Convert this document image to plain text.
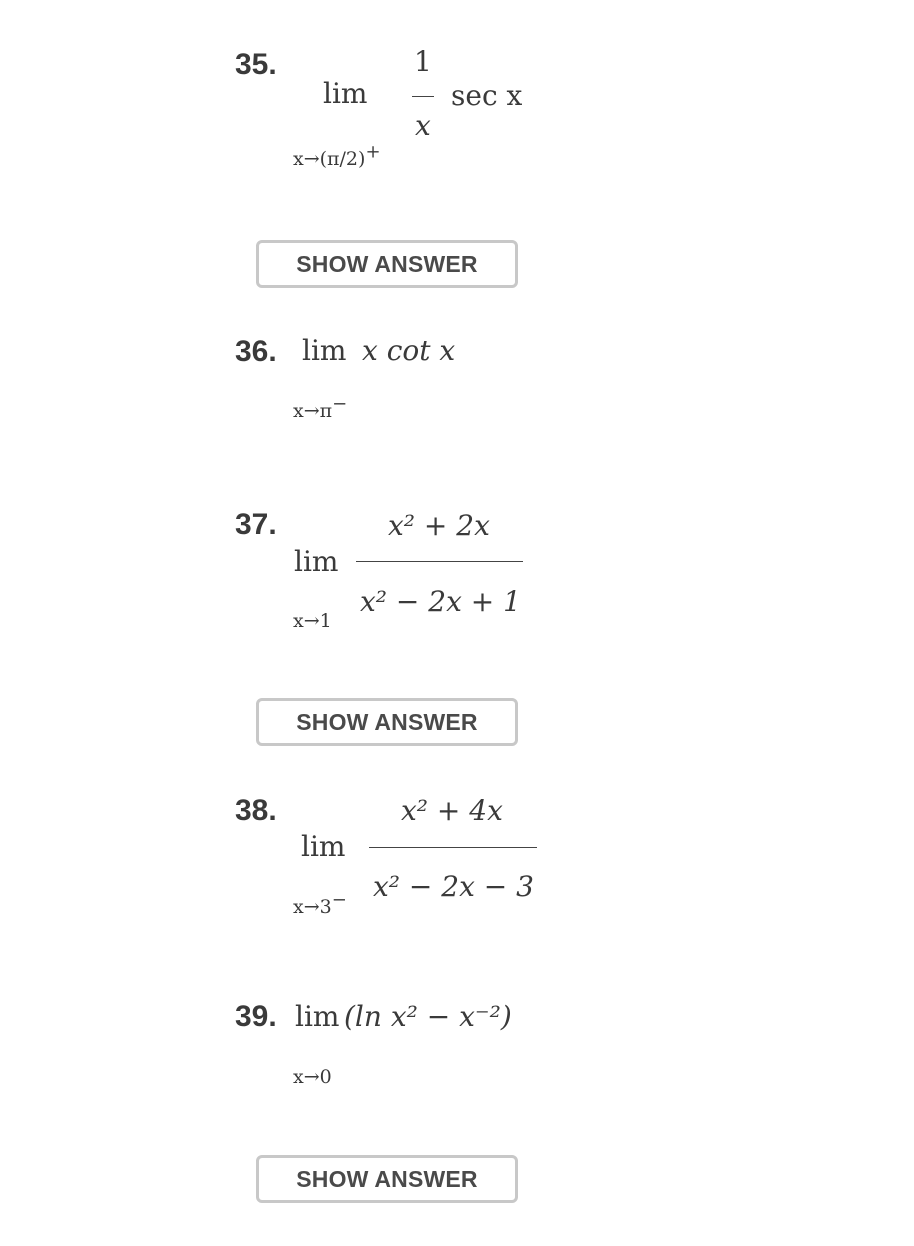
35.
lim
1
x
sec x
x→(π/2)+
SHOW ANSWER
36. lim x cot x
x→π−
37.
lim
x² + 2x
x² − 2x + 1
x→1
SHOW ANSWER
38.
lim
x² + 4x
x² − 2x − 3
x→3−
39. lim (ln x² − x⁻²)
x→0
SHOW ANSWER
